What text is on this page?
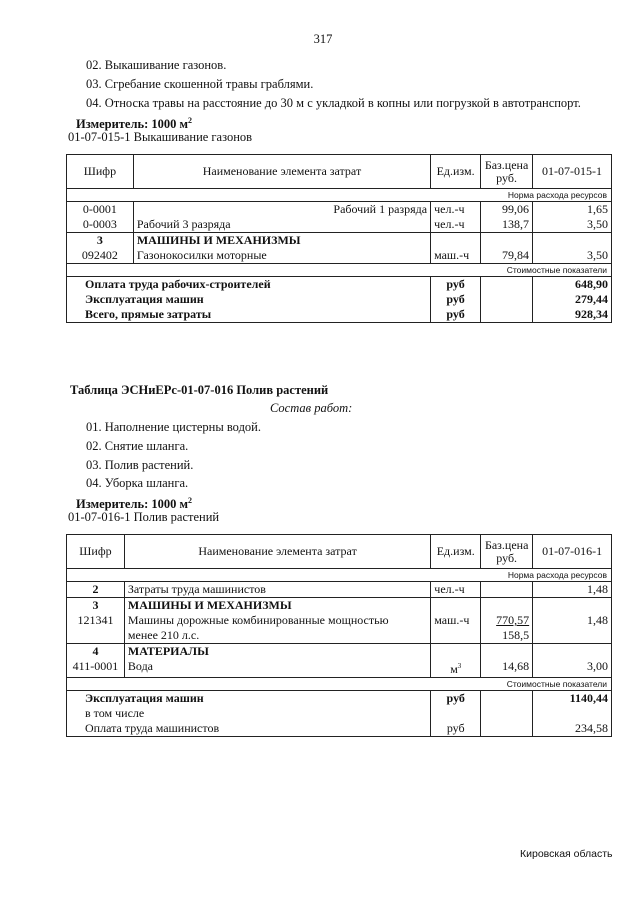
317
02. Выкашивание газонов.
03. Сгребание скошенной травы граблями.
04. Относка травы на расстояние до 30 м с укладкой в копны или погрузкой в автотранспорт.
Измеритель: 1000 $м^2$
01-07-015-1 Выкашивание газонов
Шифр	Наименование элемента затрат	Ед.изм.	Баз.цена руб.	01-07-015-1
Норма расхода ресурсов				
0-0001	Рабочий 1 разряда	чел.-ч	99,06	1,65
0-0003	Рабочий 3 разряда	чел.-ч	138,7	3,50
3	МАШИНЫ И МЕХАНИЗМЫ			
092402	Газонокосилки моторные	маш.-ч	79,84	3,50
Стоимостные показатели				
Оплата труда рабочих-строителей		руб		648,90
Эксплуатация машин		руб		279,44
Всего, прямые затраты		руб		928,34
Таблица ЭСНиЕРс-01-07-016 Полив растений
Состав работ:
01. Наполнение цистерны водой.
02. Снятие шланга.
03. Полив растений.
04. Уборка шланга.
Измеритель: 1000 $м^2$
01-07-016-1 Полив растений
Шифр	Наименование элемента затрат	Ед.изм.	Баз.цена руб.	01-07-016-1
Норма расхода ресурсов				
2	Затраты труда машинистов	чел.-ч		1,48
3	МАШИНЫ И МЕХАНИЗМЫ			
121341	Машины дорожные комбинированные мощностью	маш.-ч	770,57	1,48
	менее 210 л.с.		158,5	
4	МАТЕРИАЛЫ			
411-0001	Вода	$м^3$	14,68	3,00
Стоимостные показатели				
Эксплуатация машин		руб		1140,44
в том числе				
Оплата труда машинистов		руб		234,58
Кировская область
